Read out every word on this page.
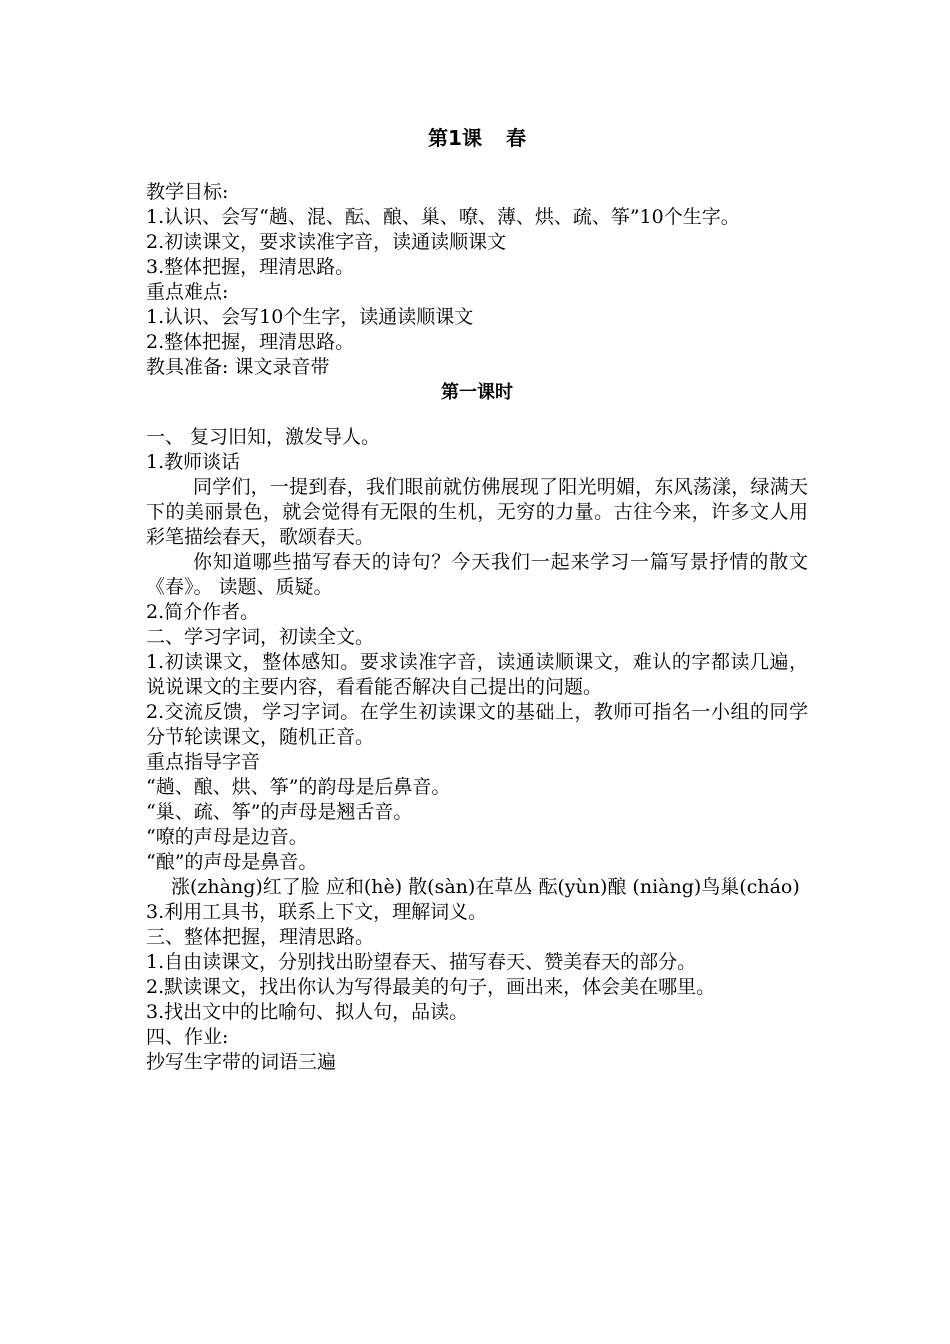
第1课 春
教学目标:
1.认识、会写“趟、混、酝、酿、巢、嘹、薄、烘、疏、筝”10个生字。
2.初读课文，要求读准字音，读通读顺课文
3.整体把握，理清思路。
重点难点:
1.认识、会写10个生字，读通读顺课文
2.整体把握，理清思路。
教具准备: 课文录音带
第一课时
一、 复习旧知，激发导人。
1.教师谈话
同学们，一提到春，我们眼前就仿佛展现了阳光明媚，东风荡漾，绿满天下的美丽景色，就会觉得有无限的生机，无穷的力量。古往今来，许多文人用彩笔描绘春天，歌颂春天。
你知道哪些描写春天的诗句？今天我们一起来学习一篇写景抒情的散文《春》。 读题、质疑。
2.简介作者。
二、学习字词，初读全文。
1.初读课文，整体感知。要求读准字音，读通读顺课文，难认的字都读几遍，说说课文的主要内容，看看能否解决自己提出的问题。
2.交流反馈，学习字词。在学生初读课文的基础上，教师可指名一小组的同学分节轮读课文，随机正音。
重点指导字音
“趟、酿、烘、筝”的韵母是后鼻音。
“巢、疏、筝”的声母是翘舌音。
“嘹的声母是边音。
“酿”的声母是鼻音。
涨(zhàng)红了脸 应和(hè) 散(sàn)在草丛 酝(yùn)酿 (niàng)鸟巢(cháo)
3.利用工具书，联系上下文，理解词义。
三、整体把握，理清思路。
1.自由读课文，分别找出盼望春天、描写春天、赞美春天的部分。
2.默读课文，找出你认为写得最美的句子，画出来，体会美在哪里。
3.找出文中的比喻句、拟人句，品读。
四、作业:
抄写生字带的词语三遍
